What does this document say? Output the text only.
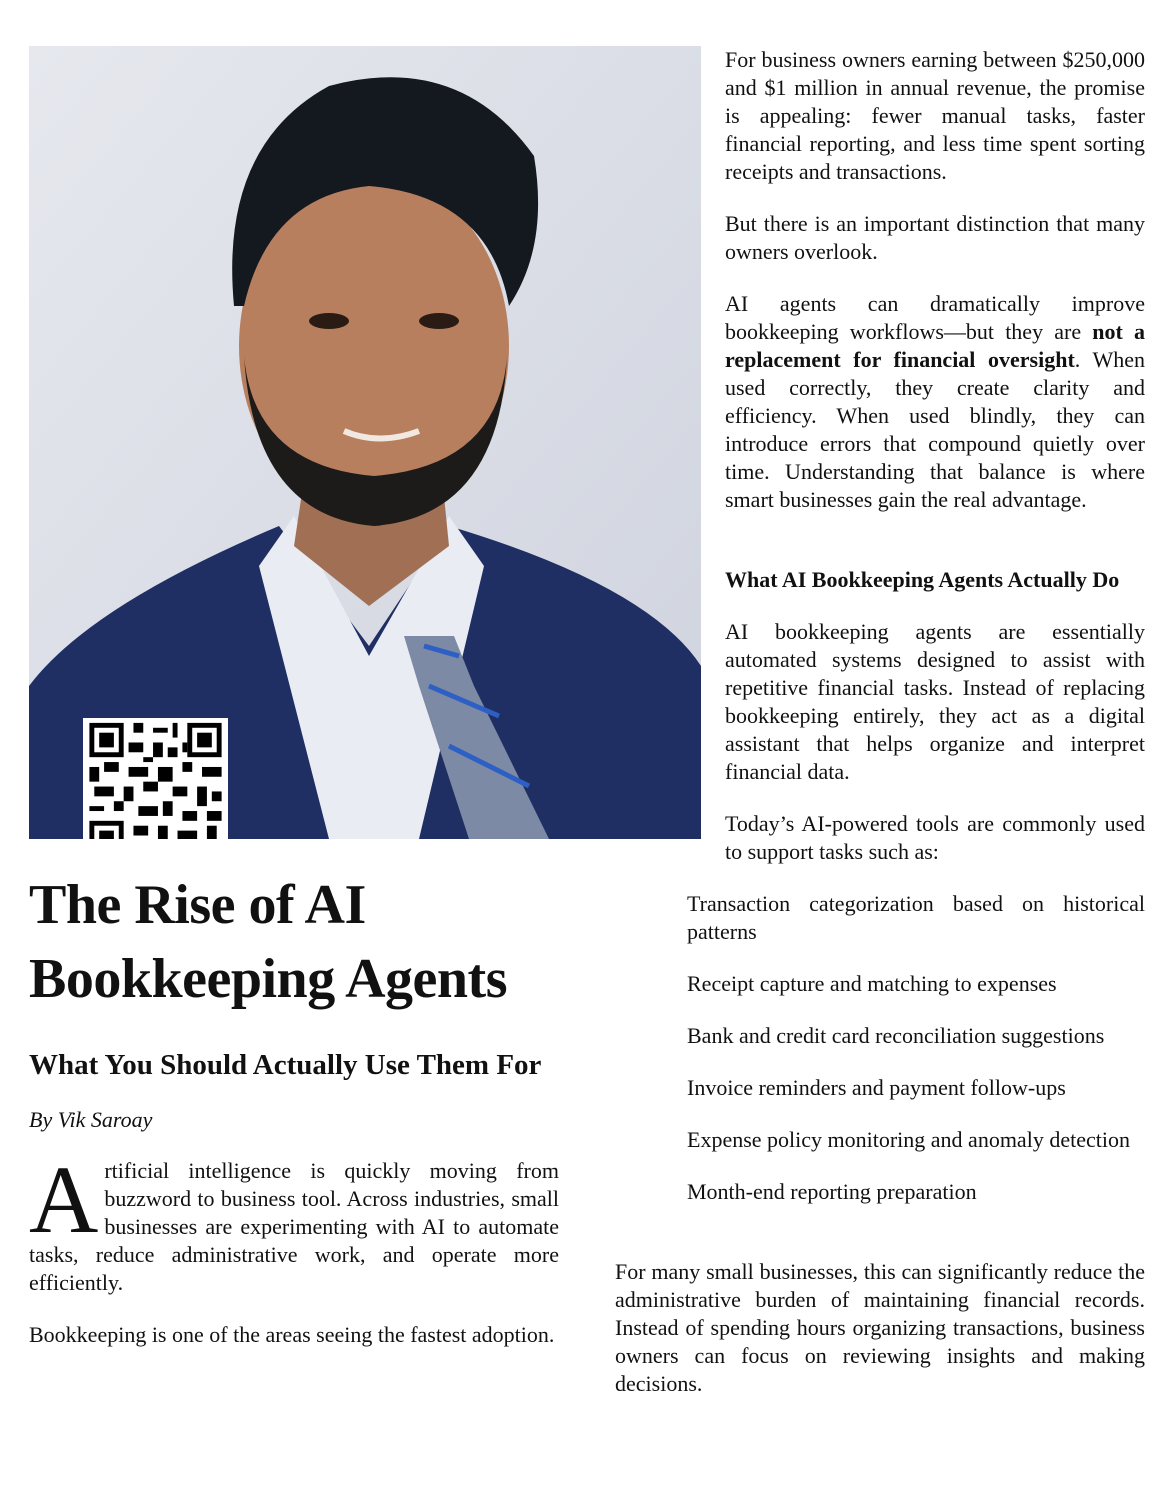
The Rise of AI Bookkeeping Agents
What You Should Actually Use Them For

By Vik Saroay

Artificial intelligence is quickly moving from buzzword to business tool. Across industries, small businesses are experimenting with AI to automate tasks, reduce administrative work, and operate more efficiently.

Bookkeeping is one of the areas seeing the fastest adoption.

For business owners earning between $250,000 and $1 million in annual revenue, the promise is appealing: fewer manual tasks, faster financial reporting, and less time spent sorting receipts and transactions.

But there is an important distinction that many owners overlook.

AI agents can dramatically improve bookkeeping workflows—but they are not a replacement for financial oversight. When used correctly, they create clarity and efficiency. When used blindly, they can introduce errors that compound quietly over time. Understanding that balance is where smart businesses gain the real advantage.

What AI Bookkeeping Agents Actually Do

AI bookkeeping agents are essentially automated systems designed to assist with repetitive financial tasks. Instead of replacing bookkeeping entirely, they act as a digital assistant that helps organize and interpret financial data.

Today’s AI-powered tools are commonly used to support tasks such as:

Transaction categorization based on historical patterns
Receipt capture and matching to expenses
Bank and credit card reconciliation suggestions
Invoice reminders and payment follow-ups
Expense policy monitoring and anomaly detection
Month-end reporting preparation

For many small businesses, this can significantly reduce the administrative burden of maintaining financial records. Instead of spending hours organizing transactions, business owners can focus on reviewing insights and making decisions.
